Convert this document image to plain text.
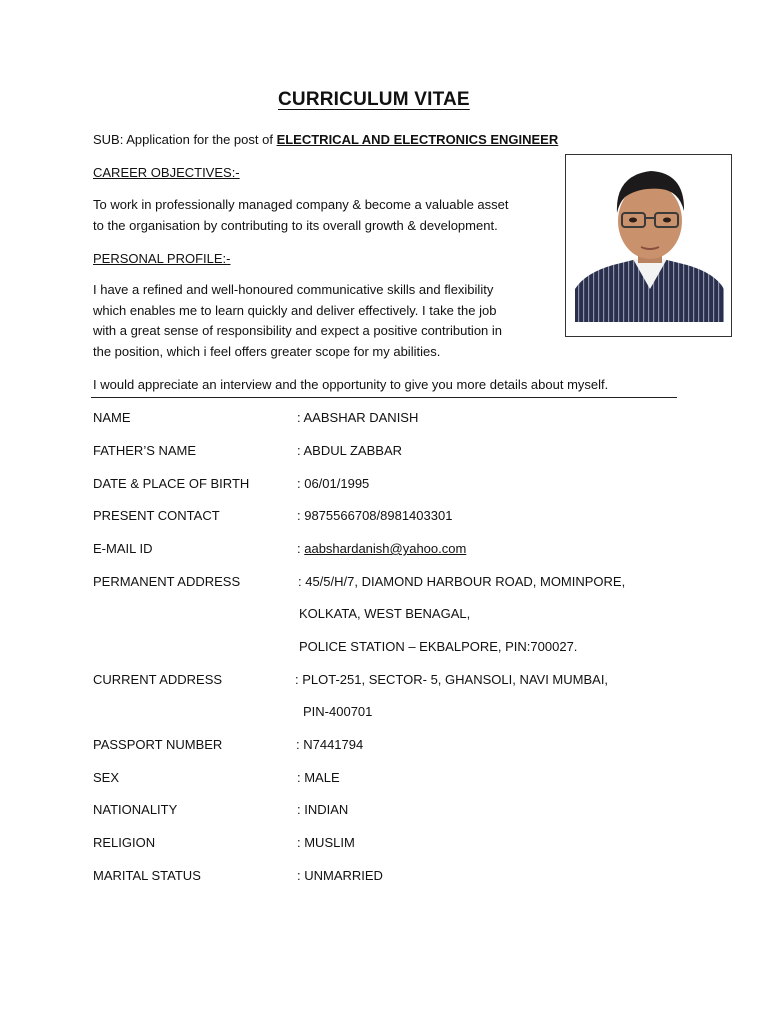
CURRICULUM VITAE
SUB: Application for the post of ELECTRICAL AND ELECTRONICS ENGINEER
CAREER OBJECTIVES:-
To work in professionally managed company & become a valuable asset
to the organisation by contributing to its overall growth & development.
PERSONAL PROFILE:-
I have a refined and well-honoured communicative skills and flexibility
which enables me to learn quickly and deliver effectively. I take the job
with a great sense of responsibility and expect a positive contribution in
the position, which i feel offers greater scope for my abilities.
I would appreciate an interview and the opportunity to give you more details about myself.
NAME	: AABSHAR DANISH
FATHER’S NAME	: ABDUL ZABBAR
DATE & PLACE OF BIRTH	: 06/01/1995
PRESENT CONTACT	: 9875566708/8981403301
E-MAIL ID	: aabshardanish@yahoo.com
PERMANENT ADDRESS	: 45/5/H/7, DIAMOND HARBOUR ROAD, MOMINPORE,
KOLKATA, WEST BENAGAL,
POLICE STATION – EKBALPORE, PIN:700027.
CURRENT ADDRESS	: PLOT-251, SECTOR- 5, GHANSOLI, NAVI MUMBAI,
PIN-400701
PASSPORT NUMBER	: N7441794
SEX	: MALE
NATIONALITY	: INDIAN
RELIGION	: MUSLIM
MARITAL STATUS	: UNMARRIED
